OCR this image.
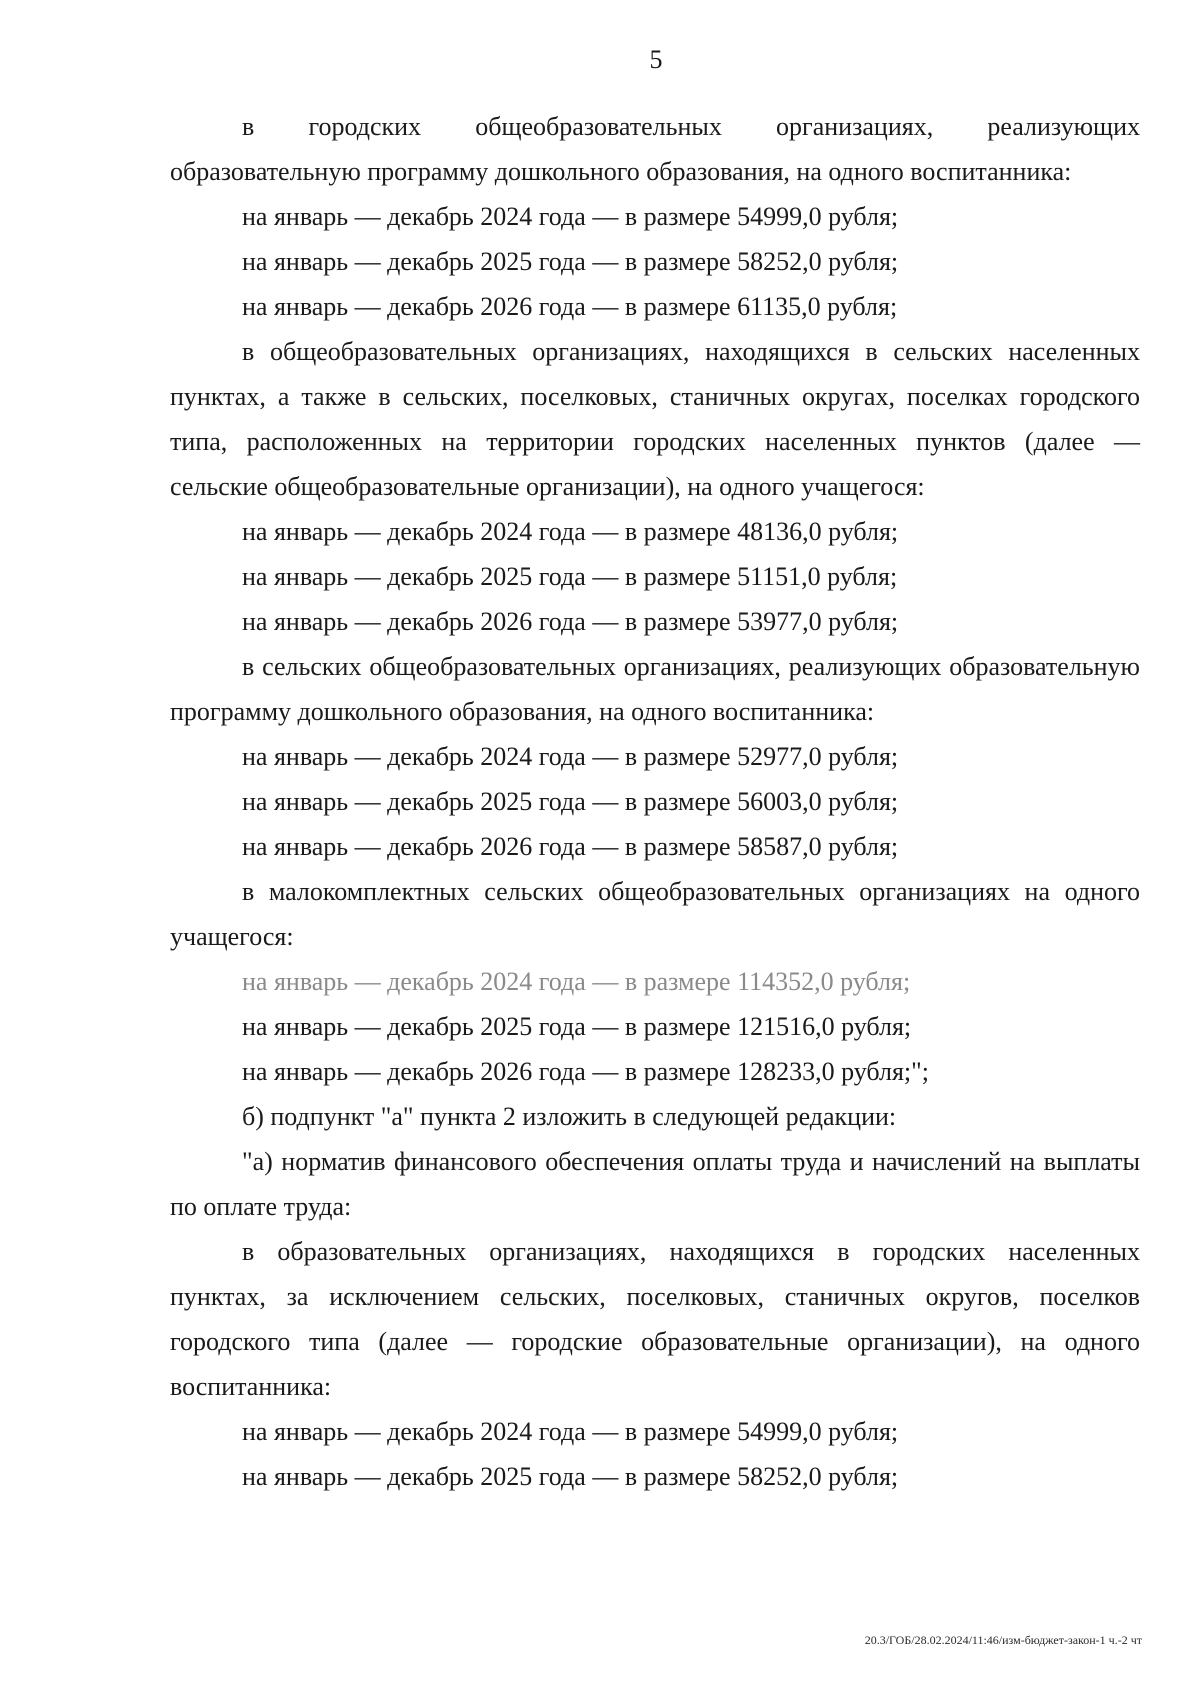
5

в городских общеобразовательных организациях, реализующих образовательную программу дошкольного образования, на одного воспитанника:

на январь — декабрь 2024 года — в размере 54999,0 рубля;

на январь — декабрь 2025 года — в размере 58252,0 рубля;

на январь — декабрь 2026 года — в размере 61135,0 рубля;

в общеобразовательных организациях, находящихся в сельских населенных пунктах, а также в сельских, поселковых, станичных округах, поселках городского типа, расположенных на территории городских населенных пунктов (далее — сельские общеобразовательные организации), на одного учащегося:

на январь — декабрь 2024 года — в размере 48136,0 рубля;

на январь — декабрь 2025 года — в размере 51151,0 рубля;

на январь — декабрь 2026 года — в размере 53977,0 рубля;

в сельских общеобразовательных организациях, реализующих образовательную программу дошкольного образования, на одного воспитанника:

на январь — декабрь 2024 года — в размере 52977,0 рубля;

на январь — декабрь 2025 года — в размере 56003,0 рубля;

на январь — декабрь 2026 года — в размере 58587,0 рубля;

в малокомплектных сельских общеобразовательных организациях на одного учащегося:

на январь — декабрь 2024 года — в размере 114352,0 рубля;

на январь — декабрь 2025 года — в размере 121516,0 рубля;

на январь — декабрь 2026 года — в размере 128233,0 рубля;";

б) подпункт "а" пункта 2 изложить в следующей редакции:

"а) норматив финансового обеспечения оплаты труда и начислений на выплаты по оплате труда:

в образовательных организациях, находящихся в городских населенных пунктах, за исключением сельских, поселковых, станичных округов, поселков городского типа (далее — городские образовательные организации), на одного воспитанника:

на январь — декабрь 2024 года — в размере 54999,0 рубля;

на январь — декабрь 2025 года — в размере 58252,0 рубля;

20.3/ГОБ/28.02.2024/11:46/изм-бюджет-закон-1 ч.-2 чт
